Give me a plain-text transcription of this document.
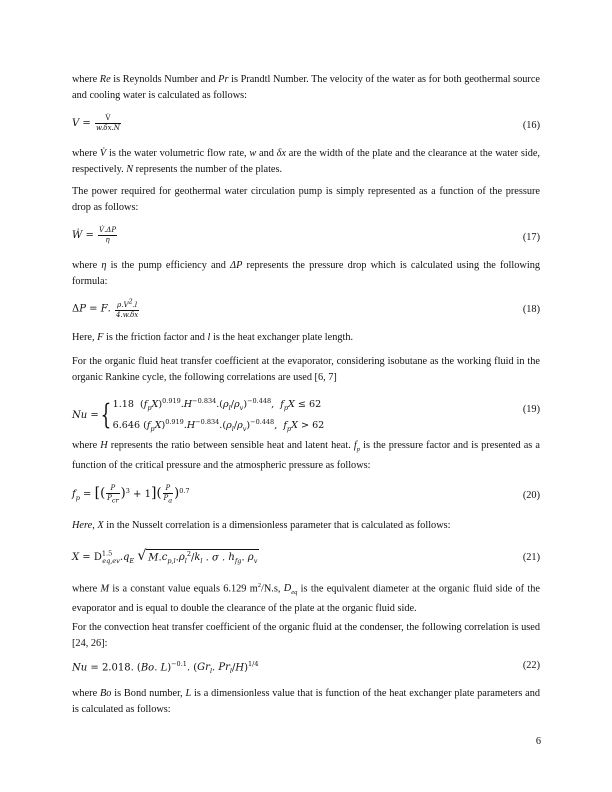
where Re is Reynolds Number and Pr is Prandtl Number. The velocity of the water as for both geothermal source and cooling water is calculated as follows:

$V = \frac{V̇}{w.\delta x.N}$	(16)

where V̇ is the water volumetric flow rate, w and δx are the width of the plate and the clearance at the water side, respectively. N represents the number of the plates.

The power required for geothermal water circulation pump is simply represented as a function of the pressure drop as follows:

Ẇ = $\frac{V̇.\Delta P}{\eta}$	(17)

where η is the pump efficiency and ΔP represents the pressure drop which is calculated using the following formula:

ΔP = F. $\frac{\rho.V^2.l}{4.w.\delta x}$	(18)

Here, F is the friction factor and l is the heat exchanger plate length.

For the organic fluid heat transfer coefficient at the evaporator, considering isobutane as the working fluid in the organic Rankine cycle, the following correlations are used [6, 7]

Nu ={ 1.18  $(f_pX)^{0.919}.H^{-0.834}.(\rho_l/\rho_v)^{-0.448}$,  $f_pX \le 62$
6.646 $(f_pX)^{0.919}.H^{-0.834}.(\rho_l/\rho_v)^{-0.448}$,  $f_pX > 62$
(19)

where H represents the ratio between sensible heat and latent heat. $f_p$ is the pressure factor and is presented as a function of the critical pressure and the atmospheric pressure as follows:

$f_p$ = [( $\frac{P}{P_{cr}} )^3 + 1]( \frac{P}{P_a} )^{0.7}$	(20)

Here, X in the Nusselt correlation is a dimensionless parameter that is calculated as follows:

$X = D^{1.5}_{eq,ev}.q_E$ √ $M.c_{p,l}.\rho_l^2/k_l$ . σ . $h_{fg}$. $\rho_v$	(21)

where M is a constant value equals 6.129 $m^2/N.s$, $D_{eq}$ is the equivalent diameter at the organic fluid side of the evaporator and is equal to double the clearance of the plate at the organic fluid side.

For the convection heat transfer coefficient of the organic fluid at the condenser, the following correlation is used [24, 26]:

Nu = 2.018. (Bo. L)$^{-0.1}$. ($Gr_l$. $Pr_l/H)^{1/4}$	(22)

where Bo is Bond number, L is a dimensionless value that is function of the heat exchanger plate parameters and is calculated as follows:

6
